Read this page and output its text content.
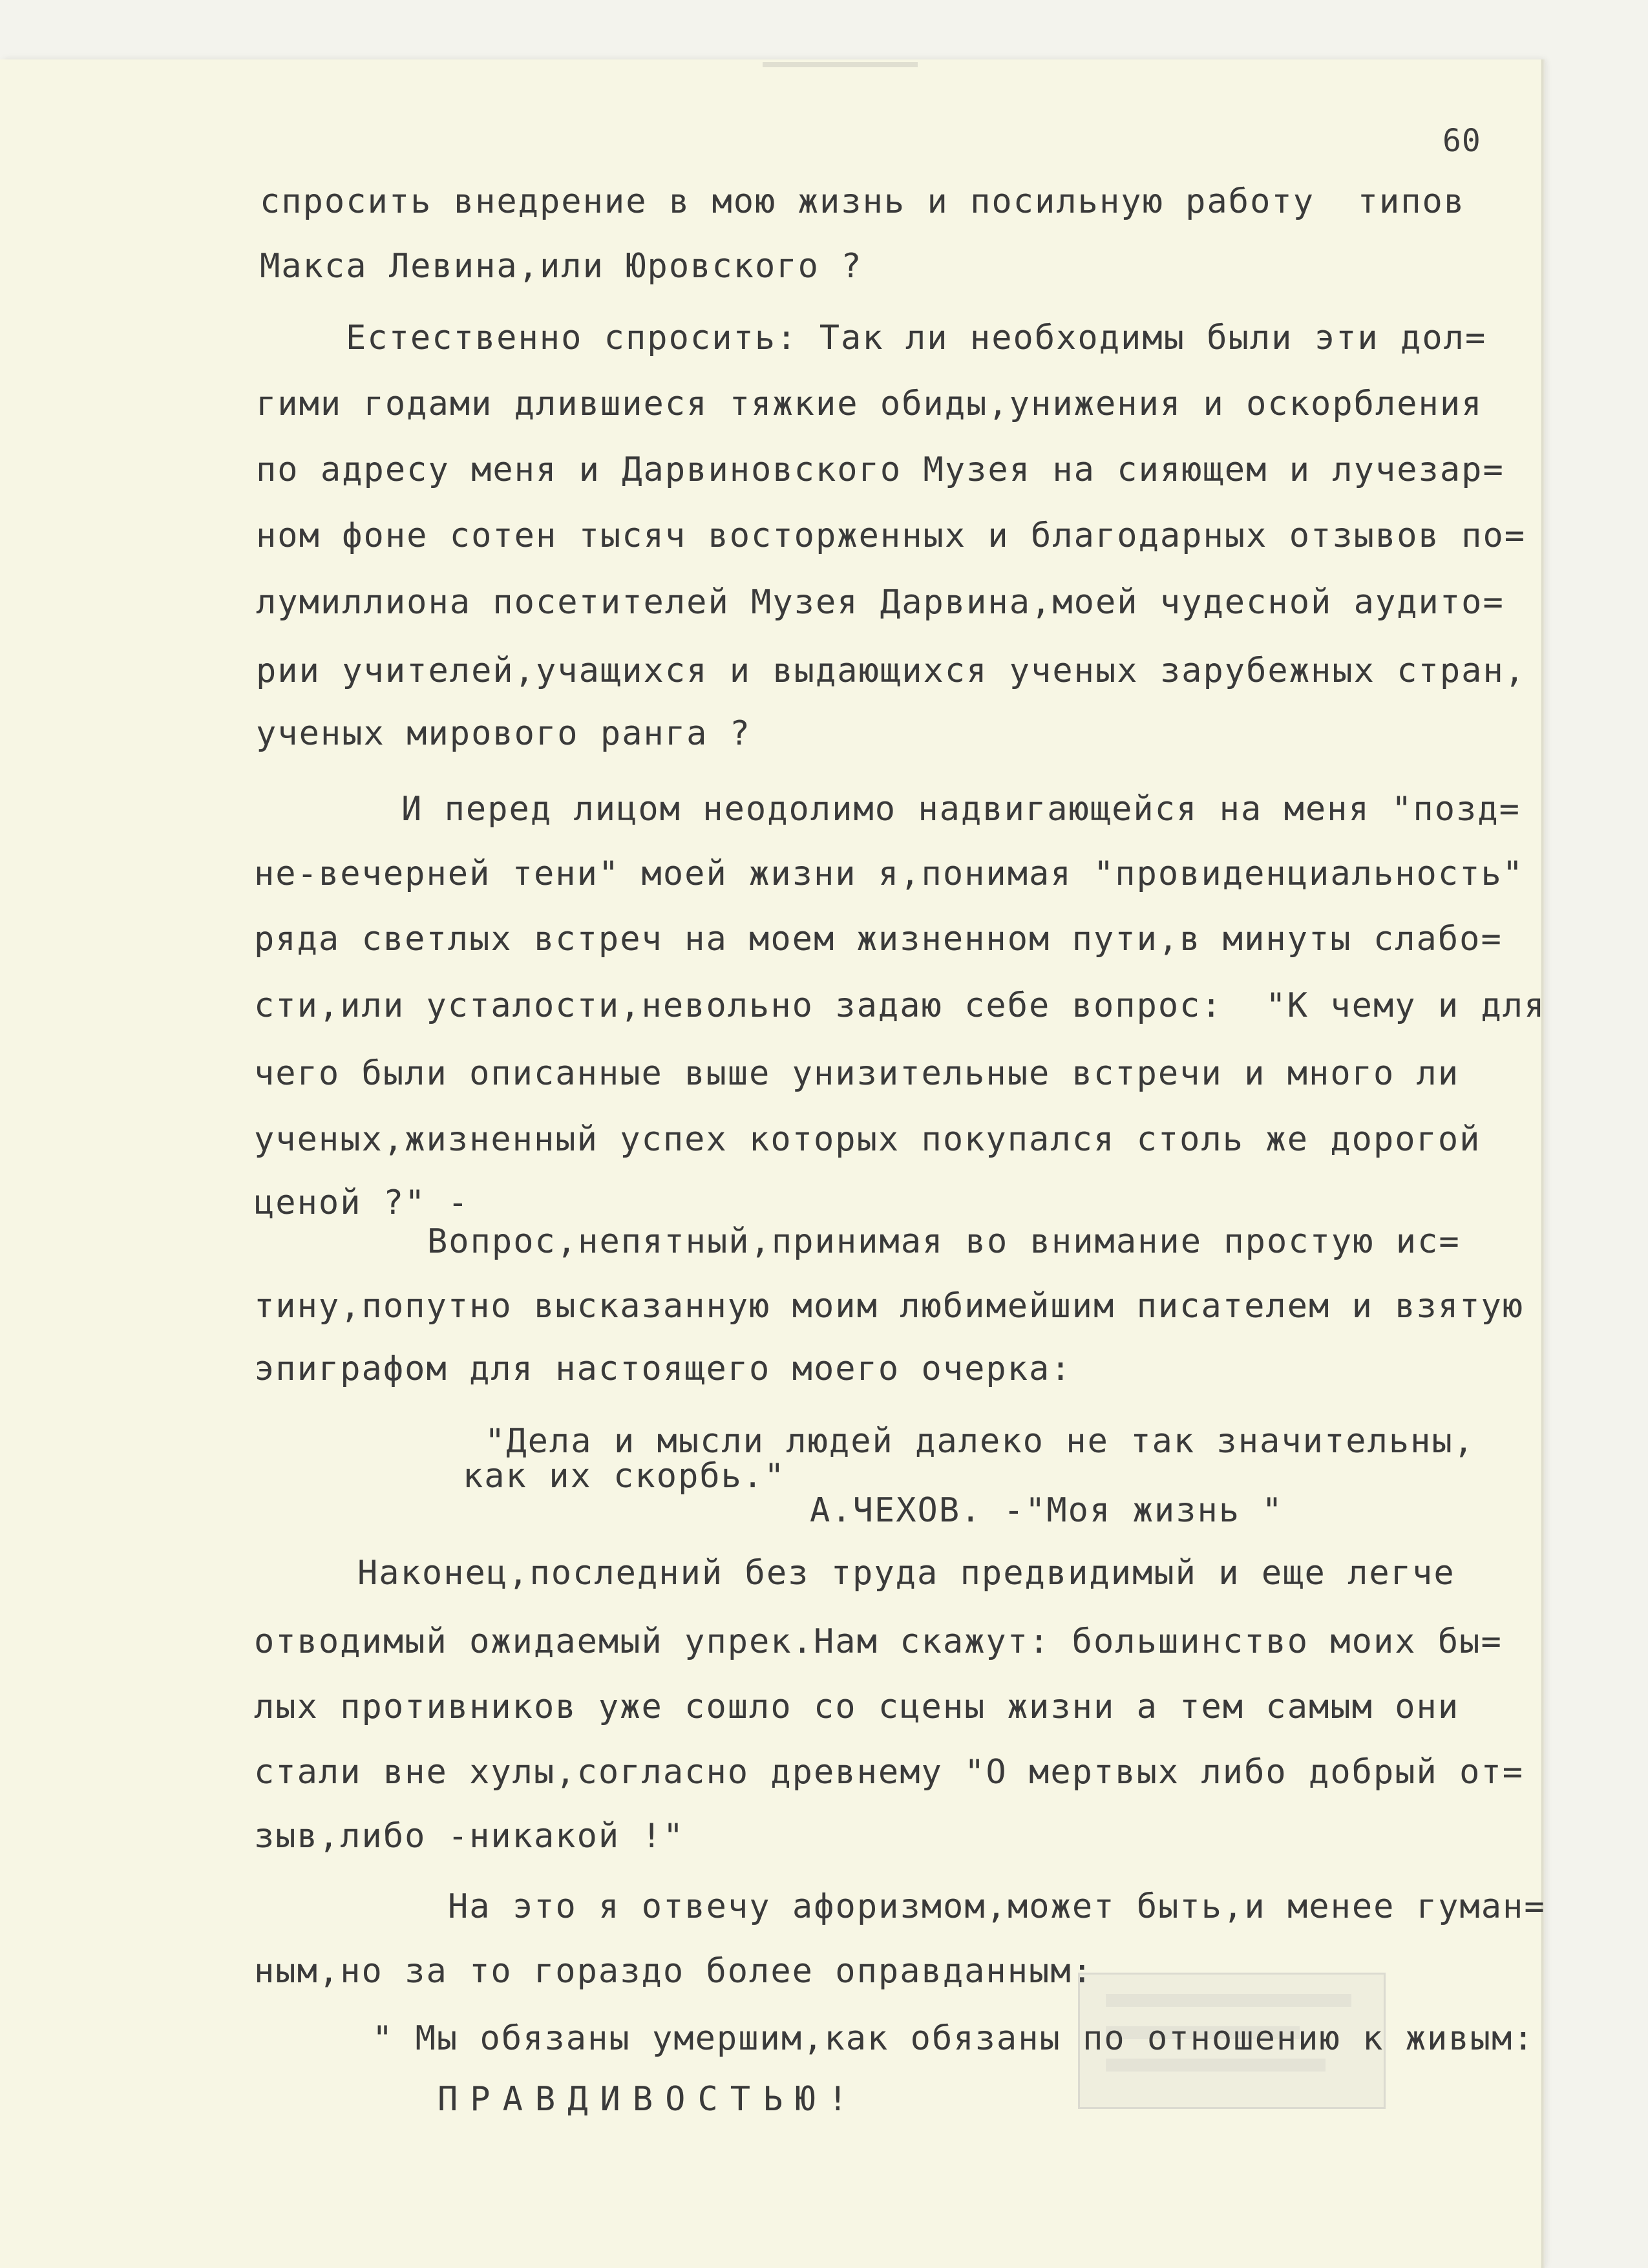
60
спросить внедрение в мою жизнь и посильную работу  типов
Макса Левина,или Юровского ?
Естественно спросить: Так ли необходимы были эти дол=
гими годами длившиеся тяжкие обиды,унижения и оскорбления
по адресу меня и Дарвиновского Музея на сияющем и лучезар=
ном фоне сотен тысяч восторженных и благодарных отзывов по=
лумиллиона посетителей Музея Дарвина,моей чудесной аудито=
рии учителей,учащихся и выдающихся ученых зарубежных стран,
ученых мирового ранга ?
И перед лицом неодолимо надвигающейся на меня "позд=
не-вечерней тени" моей жизни я,понимая "провиденциальность"
ряда светлых встреч на моем жизненном пути,в минуты слабо=
сти,или усталости,невольно задаю себе вопрос:  "К чему и для
чего были описанные выше унизительные встречи и много ли
ученых,жизненный успех которых покупался столь же дорогой
ценой ?" -
Вопрос,непятный,принимая во внимание простую ис=
тину,попутно высказанную моим любимейшим писателем и взятую
эпиграфом для настоящего моего очерка:
"Дела и мысли людей далеко не так значительны,
как их скорбь."
А.ЧЕХОВ. -"Моя жизнь "
Наконец,последний без труда предвидимый и еще легче
отводимый ожидаемый упрек.Нам скажут: большинство моих бы=
лых противников уже сошло со сцены жизни а тем самым они
стали вне хулы,согласно древнему "О мертвых либо добрый от=
зыв,либо -никакой !"
На это я отвечу афоризмом,может быть,и менее гуман=
ным,но за то гораздо более оправданным:
" Мы обязаны умершим,как обязаны по отношению к живым:
ПРАВДИВОСТЬЮ!
